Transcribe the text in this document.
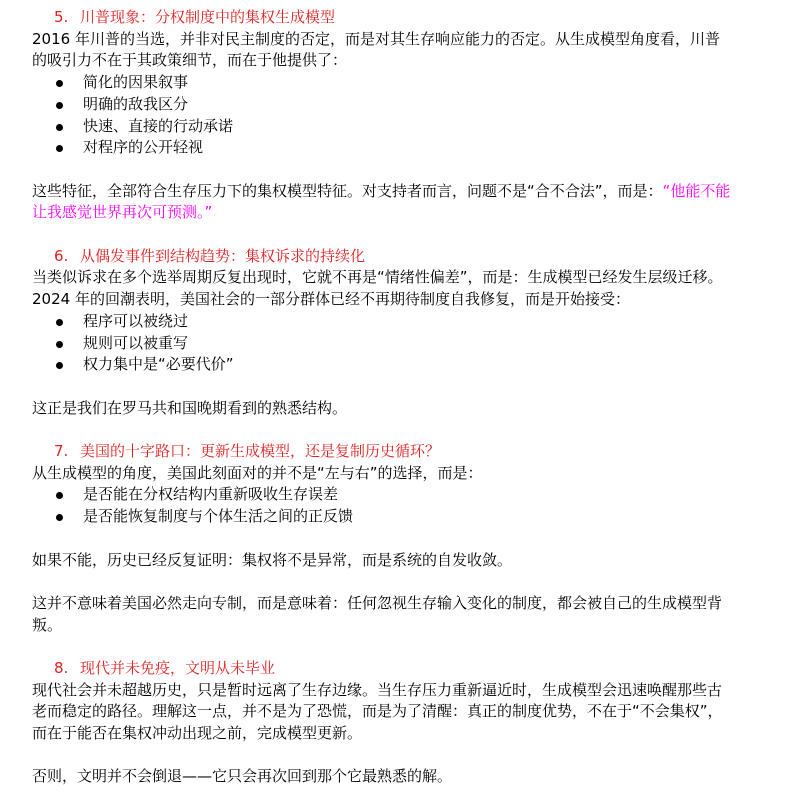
5. 川普现象：分权制度中的集权生成模型
2016 年川普的当选，并非对民主制度的否定，而是对其生存响应能力的否定。从生成模型角度看，川普
的吸引力不在于其政策细节，而在于他提供了：
简化的因果叙事
明确的敌我区分
快速、直接的行动承诺
对程序的公开轻视
这些特征，全部符合生存压力下的集权模型特征。对支持者而言，问题不是“合不合法”，而是：“他能不能
让我感觉世界再次可预测。”
6. 从偶发事件到结构趋势：集权诉求的持续化
当类似诉求在多个选举周期反复出现时，它就不再是“情绪性偏差”，而是：生成模型已经发生层级迁移。
2024 年的回潮表明，美国社会的一部分群体已经不再期待制度自我修复，而是开始接受：
程序可以被绕过
规则可以被重写
权力集中是“必要代价”
这正是我们在罗马共和国晚期看到的熟悉结构。
7. 美国的十字路口：更新生成模型，还是复制历史循环？
从生成模型的角度，美国此刻面对的并不是“左与右”的选择，而是：
是否能在分权结构内重新吸收生存误差
是否能恢复制度与个体生活之间的正反馈
如果不能，历史已经反复证明：集权将不是异常，而是系统的自发收敛。
这并不意味着美国必然走向专制，而是意味着：任何忽视生存输入变化的制度，都会被自己的生成模型背
叛。
8. 现代并未免疫，文明从未毕业
现代社会并未超越历史，只是暂时远离了生存边缘。当生存压力重新逼近时，生成模型会迅速唤醒那些古
老而稳定的路径。理解这一点，并不是为了恐慌，而是为了清醒：真正的制度优势，不在于“不会集权”，
而在于能否在集权冲动出现之前，完成模型更新。
否则，文明并不会倒退——它只会再次回到那个它最熟悉的解。
